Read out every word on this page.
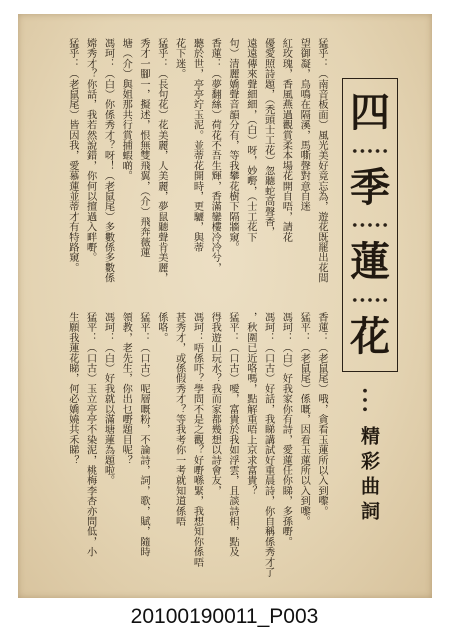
猛乎：（南音板面）風光美好竟忘為，遊花既罷出花間

望御凝，鳥鳴在隔溪，馬嘶聲對意自迷

紅玫瑰，香風燕過觀賞柔本場花開自唔，請花

優愛照詩題，（禿頭士工花）忽聽蛇高聲香，

遠遠傳來聲細細，（白）呀，妙嘢，（士工花下

句）清麗嬌聲音韻分有，等我攀花樹下隔牆窺。

香蓮：（夢翻絲）荷花不吾生輝，香滿鑾樓冷冷兮，

聽於世，亭亭竚玉泥。並蒂花開時，更驪，與蒂

花下迷。

猛乎：（長句花）花美麗，人美麗，夢鼠聽聲肯美麗，

秀才一腳一，擬述，恨無雙飛翼，（介）飛奔薇蓮

塘（介）與姐那共行賞捕蝦啲。

馮珂：（白）你係秀才？呀！（老鼠尾）多數係多數係

嫦秀才？你話，我若然說錯，你何以擅過入畔嘢。

猛乎：（老鼠尾）皆因我，愛慕蓮並蒂才有特路窺。	四
季
蓮
花
精彩曲詞

香蓮：（老鼠尾）哦，貪看玉蓮所以入到嚟。

猛平：（老鼠尾）係嘅，因看玉蓮所以入到嚟。

馮珂：（白）好我家你有詩，愛蓮任你睇，多孫嘢。

馮珂：（口古）好話，我睇講試好重晨詩，你自稱係秀才了

，秋圍已近咯嗎，點解重唔上京求富貴？

猛平：（口古）噯，富貴於我如浮雲，且談詩相，點及

得我遊山玩水？我而家都幾想以詩會友，

馮珂：唔係吓？學問不是之觀？好嘢喺緊，我想知你係唔

甚秀才，或係假秀才？等我考你一考就知道係唔

係咯。

猛平：（口古）呢層嘅粉，不論詩，詞，歌，賦，隨時

領教，老先生，你出乜嘢題目呢？

馮珂：（白）好我就以滿塘蓮為題啦。

猛平：（口古）玉立亭亭不染泥，桃梅李杏亦問低，小

生願我蓮花睇，何必嬌嬈共禾睇？

20100190011_P003
